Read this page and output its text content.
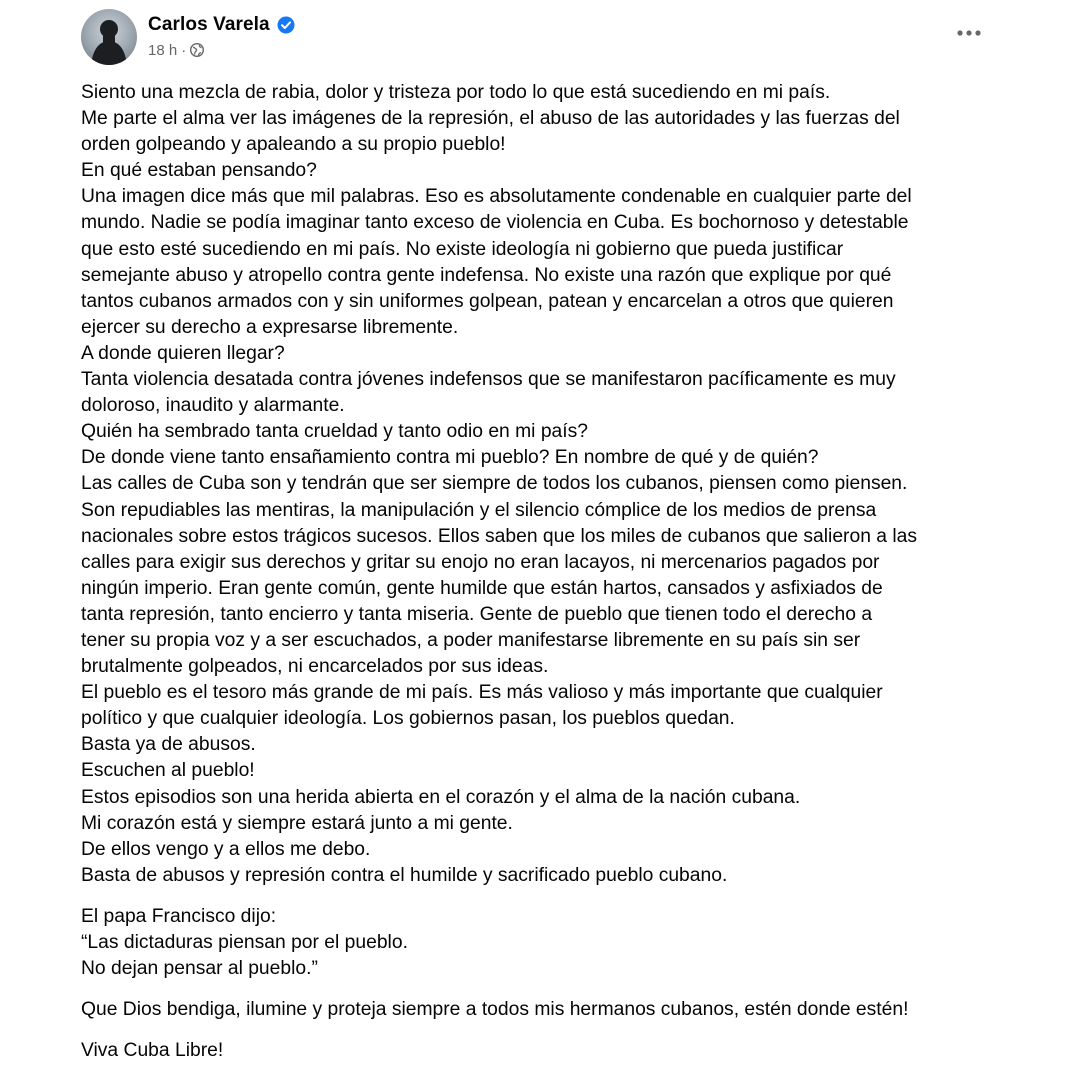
Carlos Varela
18 h ·
Siento una mezcla de rabia, dolor y tristeza por todo lo que está sucediendo en mi país.
Me parte el alma ver las imágenes de la represión, el abuso de las autoridades y las fuerzas del
orden golpeando y apaleando a su propio pueblo!
En qué estaban pensando?
Una imagen dice más que mil palabras. Eso es absolutamente condenable en cualquier parte del
mundo. Nadie se podía imaginar tanto exceso de violencia en Cuba. Es bochornoso y detestable
que esto esté sucediendo en mi país. No existe ideología ni gobierno que pueda justificar
semejante abuso y atropello contra gente indefensa. No existe una razón que explique por qué
tantos cubanos armados con y sin uniformes golpean, patean y encarcelan a otros que quieren
ejercer su derecho a expresarse libremente.
A donde quieren llegar?
Tanta violencia desatada contra jóvenes indefensos que se manifestaron pacíficamente es muy
doloroso, inaudito y alarmante.
Quién ha sembrado tanta crueldad y tanto odio en mi país?
De donde viene tanto ensañamiento contra mi pueblo? En nombre de qué y de quién?
Las calles de Cuba son y tendrán que ser siempre de todos los cubanos, piensen como piensen.
Son repudiables las mentiras, la manipulación y el silencio cómplice de los medios de prensa
nacionales sobre estos trágicos sucesos. Ellos saben que los miles de cubanos que salieron a las
calles para exigir sus derechos y gritar su enojo no eran lacayos, ni mercenarios pagados por
ningún imperio. Eran gente común, gente humilde que están hartos, cansados y asfixiados de
tanta represión, tanto encierro y tanta miseria. Gente de pueblo que tienen todo el derecho a
tener su propia voz y a ser escuchados, a poder manifestarse libremente en su país sin ser
brutalmente golpeados, ni encarcelados por sus ideas.
El pueblo es el tesoro más grande de mi país. Es más valioso y más importante que cualquier
político y que cualquier ideología. Los gobiernos pasan, los pueblos quedan.
Basta ya de abusos.
Escuchen al pueblo!
Estos episodios son una herida abierta en el corazón y el alma de la nación cubana.
Mi corazón está y siempre estará junto a mi gente.
De ellos vengo y a ellos me debo.
Basta de abusos y represión contra el humilde y sacrificado pueblo cubano.
El papa Francisco dijo:
“Las dictaduras piensan por el pueblo.
No dejan pensar al pueblo.”
Que Dios bendiga, ilumine y proteja siempre a todos mis hermanos cubanos, estén donde estén!
Viva Cuba Libre!
